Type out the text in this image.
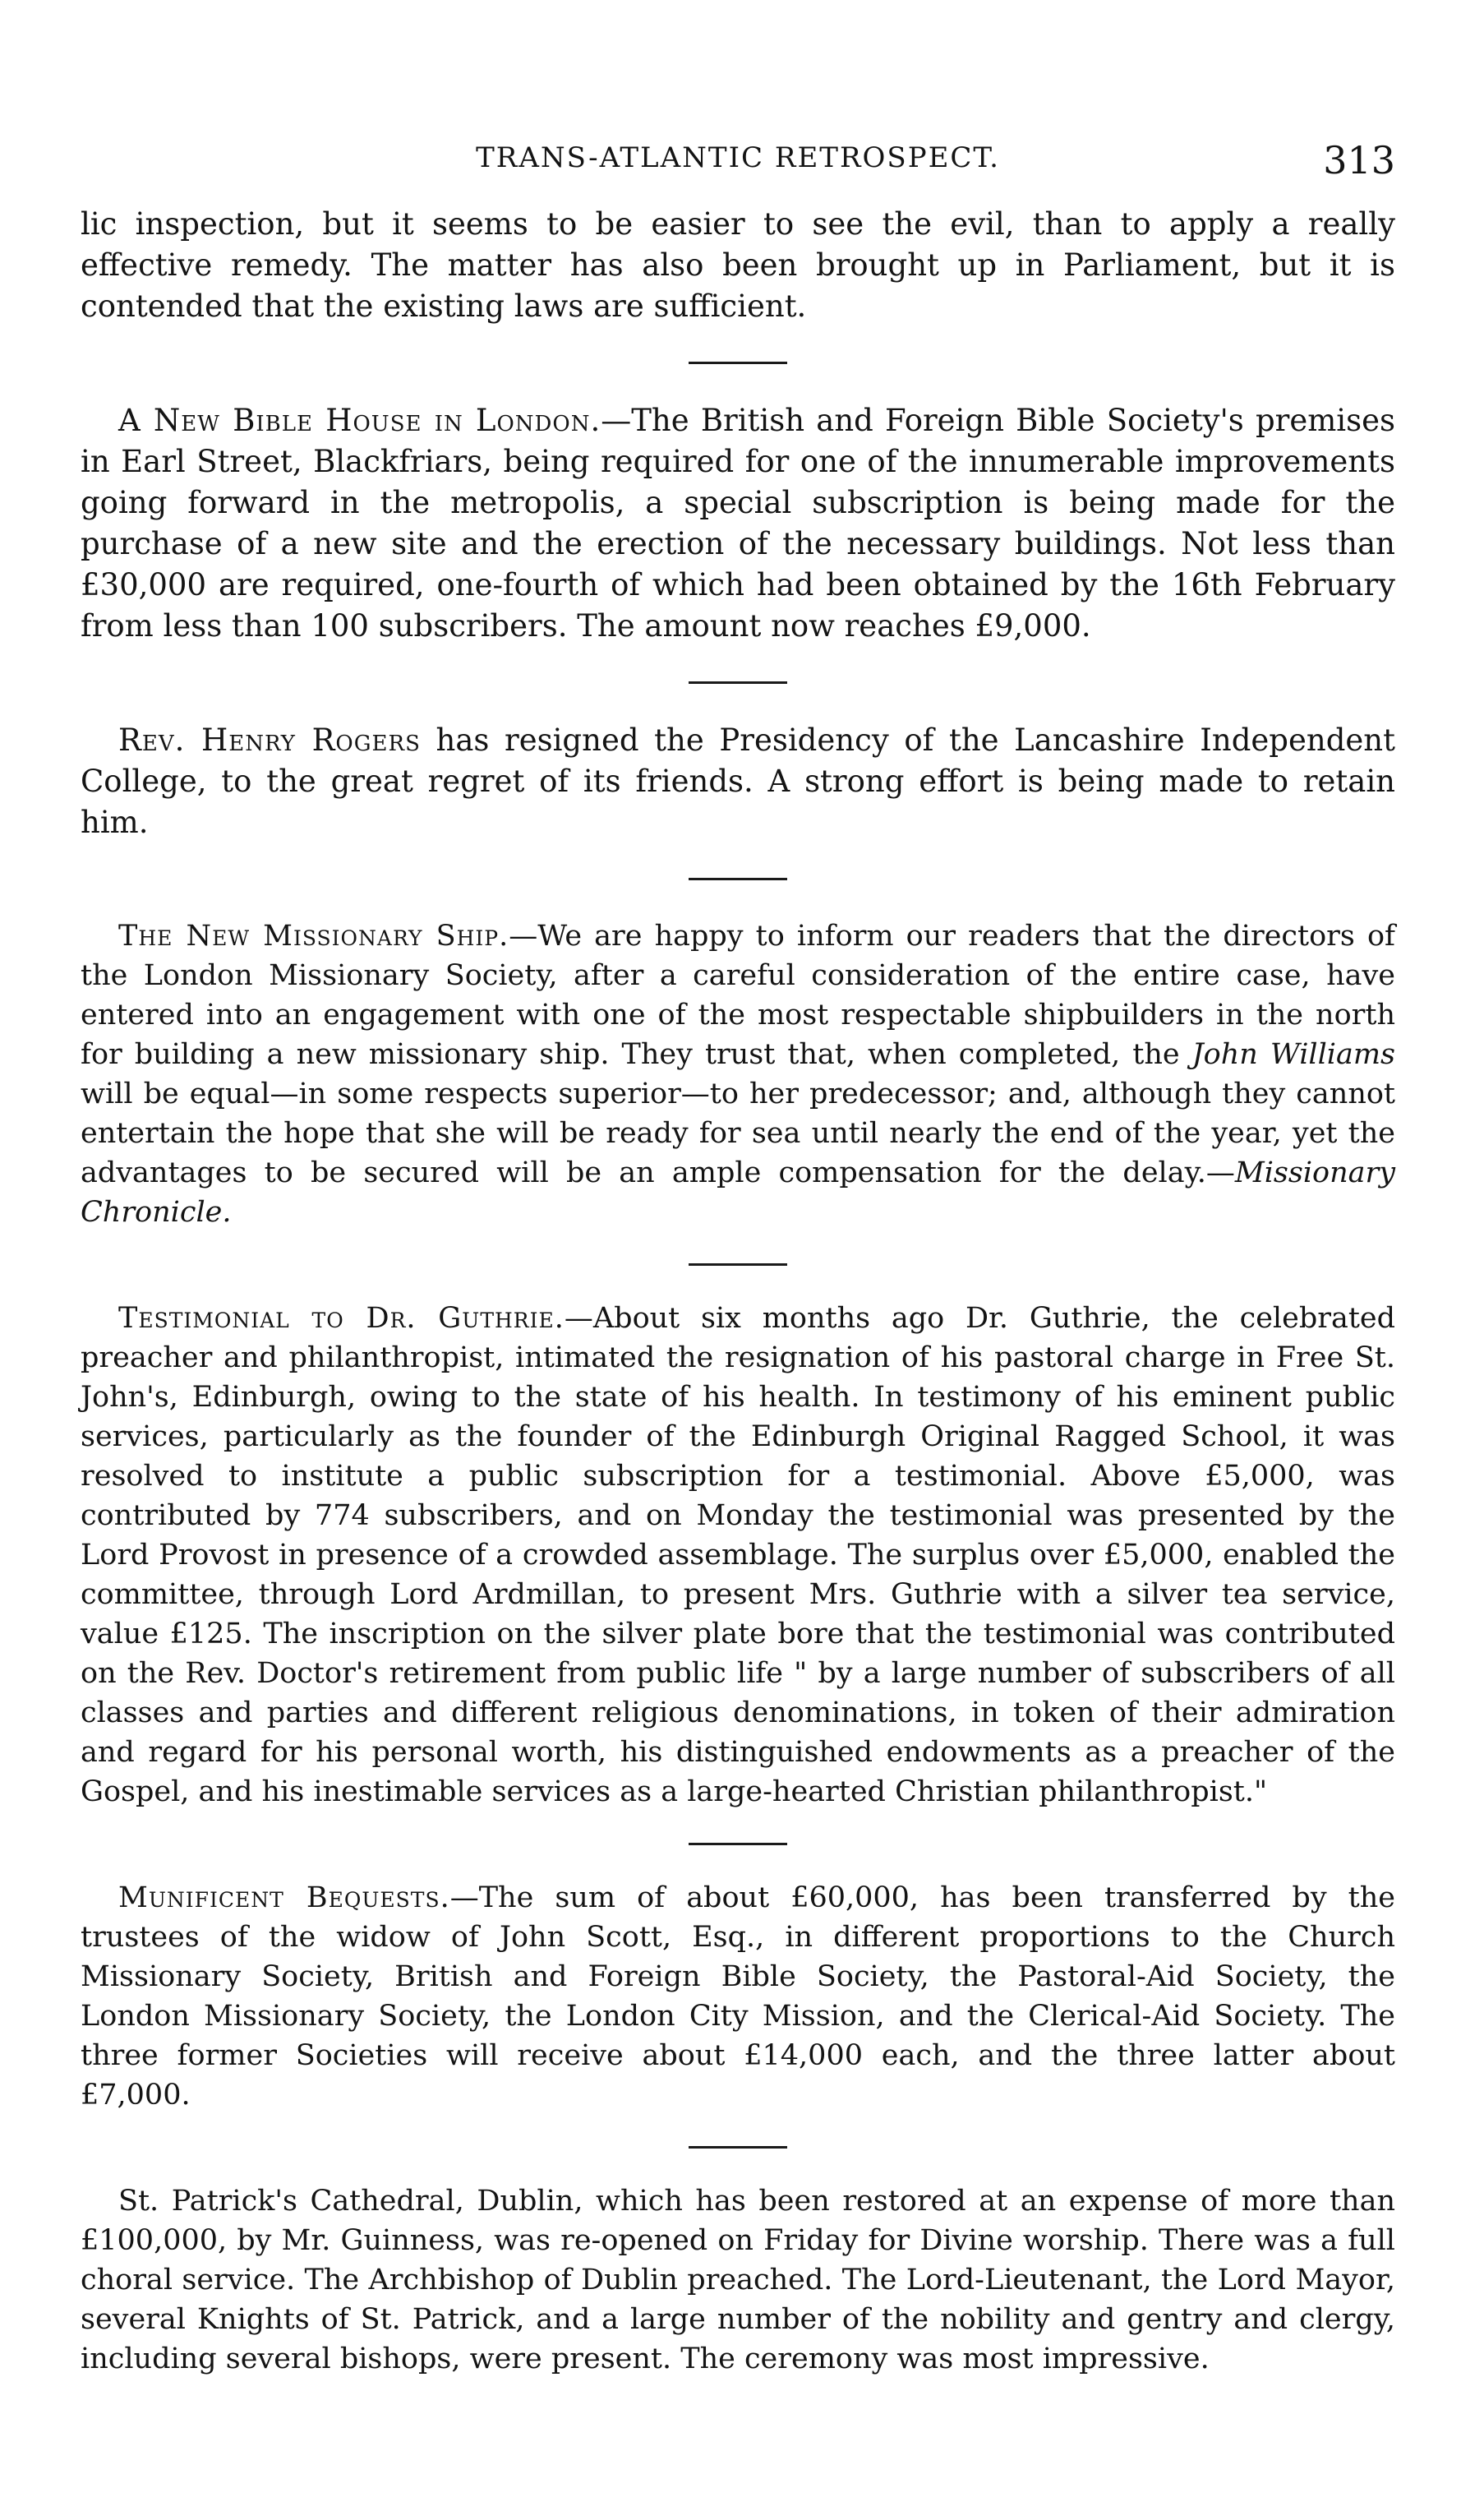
TRANS-ATLANTIC RETROSPECT.	313

lic inspection, but it seems to be easier to see the evil, than to apply a really effective remedy. The matter has also been brought up in Parliament, but it is contended that the existing laws are sufficient.

A New Bible House in London.—The British and Foreign Bible Society's premises in Earl Street, Blackfriars, being required for one of the innumerable improvements going forward in the metropolis, a special subscription is being made for the purchase of a new site and the erection of the necessary buildings. Not less than £30,000 are required, one-fourth of which had been obtained by the 16th February from less than 100 subscribers. The amount now reaches £9,000.

Rev. Henry Rogers has resigned the Presidency of the Lancashire Independent College, to the great regret of its friends. A strong effort is being made to retain him.

The New Missionary Ship.—We are happy to inform our readers that the directors of the London Missionary Society, after a careful consideration of the entire case, have entered into an engagement with one of the most respectable shipbuilders in the north for building a new missionary ship. They trust that, when completed, the John Williams will be equal—in some respects superior—to her predecessor; and, although they cannot entertain the hope that she will be ready for sea until nearly the end of the year, yet the advantages to be secured will be an ample compensation for the delay.—Missionary Chronicle.

Testimonial to Dr. Guthrie.—About six months ago Dr. Guthrie, the celebrated preacher and philanthropist, intimated the resignation of his pastoral charge in Free St. John's, Edinburgh, owing to the state of his health. In testimony of his eminent public services, particularly as the founder of the Edinburgh Original Ragged School, it was resolved to institute a public subscription for a testimonial. Above £5,000, was contributed by 774 subscribers, and on Monday the testimonial was presented by the Lord Provost in presence of a crowded assemblage. The surplus over £5,000, enabled the committee, through Lord Ardmillan, to present Mrs. Guthrie with a silver tea service, value £125. The inscription on the silver plate bore that the testimonial was contributed on the Rev. Doctor's retirement from public life " by a large number of subscribers of all classes and parties and different religious denominations, in token of their admiration and regard for his personal worth, his distinguished endowments as a preacher of the Gospel, and his inestimable services as a large-hearted Christian philanthropist."

Munificent Bequests.—The sum of about £60,000, has been transferred by the trustees of the widow of John Scott, Esq., in different proportions to the Church Missionary Society, British and Foreign Bible Society, the Pastoral-Aid Society, the London Missionary Society, the London City Mission, and the Clerical-Aid Society. The three former Societies will receive about £14,000 each, and the three latter about £7,000.

St. Patrick's Cathedral, Dublin, which has been restored at an expense of more than £100,000, by Mr. Guinness, was re-opened on Friday for Divine worship. There was a full choral service. The Archbishop of Dublin preached. The Lord-Lieutenant, the Lord Mayor, several Knights of St. Patrick, and a large number of the nobility and gentry and clergy, including several bishops, were present. The ceremony was most impressive.
